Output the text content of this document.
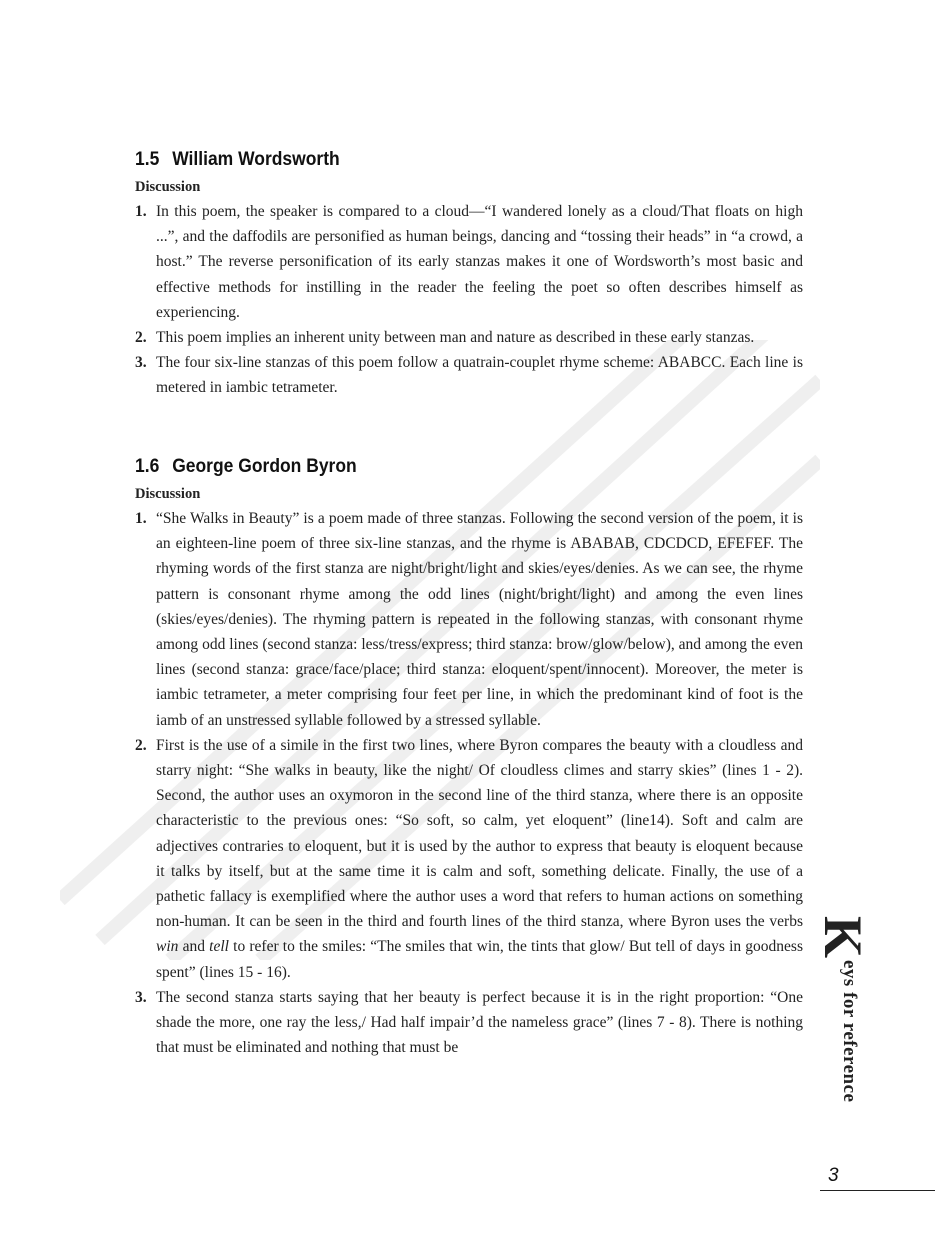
1.5 William Wordsworth
Discussion
1. In this poem, the speaker is compared to a cloud—“I wandered lonely as a cloud/That floats on high ...”, and the daffodils are personified as human beings, dancing and “tossing their heads” in “a crowd, a host.” The reverse personification of its early stanzas makes it one of Wordsworth’s most basic and effective methods for instilling in the reader the feeling the poet so often describes himself as experiencing.
2. This poem implies an inherent unity between man and nature as described in these early stanzas.
3. The four six-line stanzas of this poem follow a quatrain-couplet rhyme scheme: ABABCC. Each line is metered in iambic tetrameter.
1.6 George Gordon Byron
Discussion
1. “She Walks in Beauty” is a poem made of three stanzas. Following the second version of the poem, it is an eighteen-line poem of three six-line stanzas, and the rhyme is ABABAB, CDCDCD, EFEFEF. The rhyming words of the first stanza are night/bright/light and skies/eyes/denies. As we can see, the rhyme pattern is consonant rhyme among the odd lines (night/bright/light) and among the even lines (skies/eyes/denies). The rhyming pattern is repeated in the following stanzas, with consonant rhyme among odd lines (second stanza: less/tress/express; third stanza: brow/glow/below), and among the even lines (second stanza: grace/face/place; third stanza: eloquent/spent/innocent). Moreover, the meter is iambic tetrameter, a meter comprising four feet per line, in which the predominant kind of foot is the iamb of an unstressed syllable followed by a stressed syllable.
2. First is the use of a simile in the first two lines, where Byron compares the beauty with a cloudless and starry night: “She walks in beauty, like the night/ Of cloudless climes and starry skies” (lines 1 - 2). Second, the author uses an oxymoron in the second line of the third stanza, where there is an opposite characteristic to the previous ones: “So soft, so calm, yet eloquent” (line14). Soft and calm are adjectives contraries to eloquent, but it is used by the author to express that beauty is eloquent because it talks by itself, but at the same time it is calm and soft, something delicate. Finally, the use of a pathetic fallacy is exemplified where the author uses a word that refers to human actions on something non-human. It can be seen in the third and fourth lines of the third stanza, where Byron uses the verbs win and tell to refer to the smiles: “The smiles that win, the tints that glow/ But tell of days in goodness spent” (lines 15 - 16).
3. The second stanza starts saying that her beauty is perfect because it is in the right proportion: “One shade the more, one ray the less,/ Had half impair’d the nameless grace” (lines 7 - 8). There is nothing that must be eliminated and nothing that must be
K
eys for reference
3
